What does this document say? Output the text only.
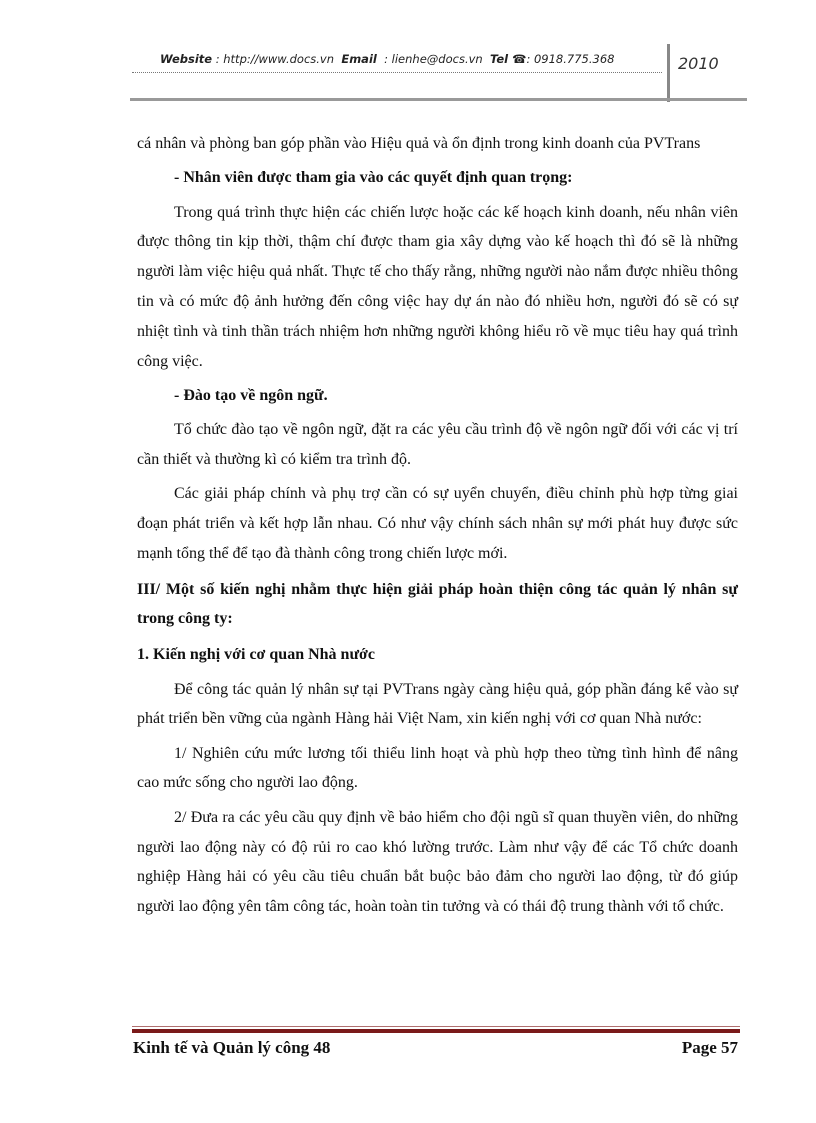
Website : http://www.docs.vn Email : lienhe@docs.vn Tel ☎: 0918.775.368	2010

cá nhân và phòng ban góp phần vào Hiệu quả và ổn định trong kinh doanh của PVTrans

- Nhân viên được tham gia vào các quyết định quan trọng:

Trong quá trình thực hiện các chiến lược hoặc các kế hoạch kinh doanh, nếu nhân viên được thông tin kịp thời, thậm chí được tham gia xây dựng vào kế hoạch thì đó sẽ là những người làm việc hiệu quả nhất. Thực tế cho thấy rằng, những người nào nắm được nhiều thông tin và có mức độ ảnh hưởng đến công việc hay dự án nào đó nhiều hơn, người đó sẽ có sự nhiệt tình và tinh thần trách nhiệm hơn những người không hiểu rõ về mục tiêu hay quá trình công việc.

- Đào tạo về ngôn ngữ.

Tổ chức đào tạo về ngôn ngữ, đặt ra các yêu cầu trình độ về ngôn ngữ đối với các vị trí cần thiết và thường kì có kiểm tra trình độ.

Các giải pháp chính và phụ trợ cần có sự uyển chuyển, điều chỉnh phù hợp từng giai đoạn phát triển và kết hợp lẫn nhau. Có như vậy chính sách nhân sự mới phát huy được sức mạnh tổng thể để tạo đà thành công trong chiến lược mới.

III/ Một số kiến nghị nhằm thực hiện giải pháp hoàn thiện công tác quản lý nhân sự trong công ty:

1. Kiến nghị với cơ quan Nhà nước

Để công tác quản lý nhân sự tại PVTrans ngày càng hiệu quả, góp phần đáng kể vào sự phát triển bền vững của ngành Hàng hải Việt Nam, xin kiến nghị với cơ quan Nhà nước:

1/ Nghiên cứu mức lương tối thiểu linh hoạt và phù hợp theo từng tình hình để nâng cao mức sống cho người lao động.

2/ Đưa ra các yêu cầu quy định về bảo hiểm cho đội ngũ sĩ quan thuyền viên, do những người lao động này có độ rủi ro cao khó lường trước. Làm như vậy để các Tổ chức doanh nghiệp Hàng hải có yêu cầu tiêu chuẩn bắt buộc bảo đảm cho người lao động, từ đó giúp người lao động yên tâm công tác, hoàn toàn tin tưởng và có thái độ trung thành với tổ chức.

Kinh tế và Quản lý công 48	Page 57
